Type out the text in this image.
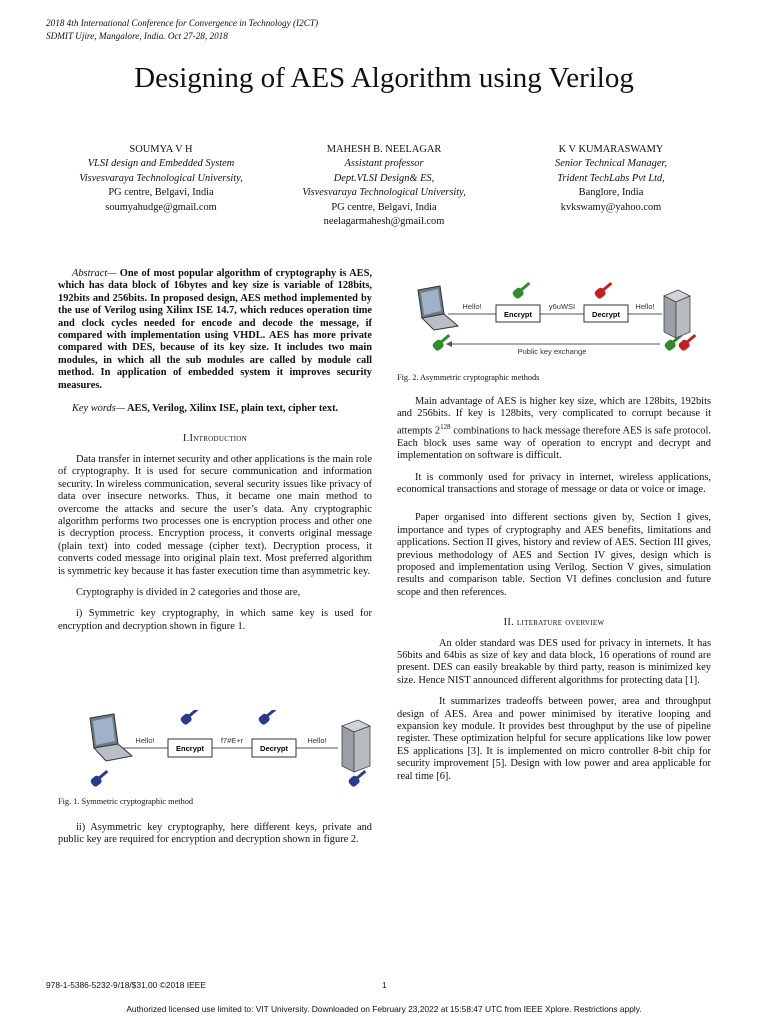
2018 4th International Conference for Convergence in Technology (I2CT)
SDMIT Ujire, Mangalore, India. Oct 27-28, 2018
Designing of AES Algorithm using Verilog
SOUMYA V H
VLSI design and Embedded System
Visvesvaraya Technological University,
PG centre, Belgavi, India
soumyahudge@gmail.com
MAHESH B. NEELAGAR
Assistant professor
Dept.VLSI Design& ES,
Visvesvaraya Technological University,
PG centre, Belgavi, India
neelagarmahesh@gmail.com
K V KUMARASWAMY
Senior Technical Manager,
Trident TechLabs Pvt Ltd,
Banglore, India
kvkswamy@yahoo.com

Abstract— One of most popular algorithm of cryptography is AES, which has data block of 16bytes and key size is variable of 128bits, 192bits and 256bits. In proposed design, AES method implemented by the use of Verilog using Xilinx ISE 14.7, which reduces operation time and clock cycles needed for encode and decode the message, if compared with implementation using VHDL. AES has more private compared with DES, because of its key size. It includes two main modules, in which all the sub modules are called by module call method. In application of embedded system it improves security measures.

Key words— AES, Verilog, Xilinx ISE, plain text, cipher text.

I.Introduction

Data transfer in internet security and other applications is the main role of cryptography. It is used for secure communication and information security. In wireless communication, several security issues like privacy of data over insecure networks. Thus, it became one main method to overcome the attacks and secure the user’s data. Any cryptographic algorithm performs two processes one is encryption process and other one is decryption process. Encryption process, it converts original message (plain text) into coded message (cipher text). Decryption process, it converts coded message into original plain text. Most preferred algorithm is symmetric key because it has faster execution time than asymmetric key.

Cryptography is divided in 2 categories and those are,

i) Symmetric key cryptography, in which same key is used for encryption and decryption shown in figure 1.

Hello!
Encrypt
f7#E+r
Decrypt
Hello!
Fig. 1. Symmetric cryptographic method

ii) Asymmetric key cryptography, here different keys, private and public key are required for encryption and decryption shown in figure 2.

Hello!
Encrypt
y6uWSI
Decrypt
Hello!
Public key exchange
Fig. 2. Asymmetric cryptographic methods

Main advantage of AES is higher key size, which are 128bits, 192bits and 256bits. If key is 128bits, very complicated to corrupt because it attempts $2^{128}$ combinations to hack message therefore AES is safe protocol. Each block uses same way of operation to encrypt and decrypt and implementation on software is difficult.

It is commonly used for privacy in internet, wireless applications, economical transactions and storage of message or data or voice or image.

Paper organised into different sections given by, Section I gives, importance and types of cryptography and AES benefits, limitations and applications. Section II gives, history and review of AES. Section III gives, previous methodology of AES and Section IV gives, design which is proposed and implementation using Verilog. Section V gives, simulation results and comparison table. Section VI defines conclusion and future scope and then references.

II. literature overview

An older standard was DES used for privacy in internets. It has 56bits and 64bis as size of key and data block, 16 operations of round are present. DES can easily breakable by third party, reason is minimized key size. Hence NIST announced different algorithms for protecting data [1].

It summarizes tradeoffs between power, area and throughput design of AES. Area and power minimised by iterative looping and expansion key module. It provides best throughput by the use of pipeline register. These optimization helpful for secure applications like low power ES applications [3]. It is implemented on micro controller 8-bit chip for security improvement [5]. Design with low power and area applicable for real time [6].

978-1-5386-5232-9/18/$31.00 ©2018 IEEE	1
Authorized licensed use limited to: VIT University. Downloaded on February 23,2022 at 15:58:47 UTC from IEEE Xplore. Restrictions apply.
